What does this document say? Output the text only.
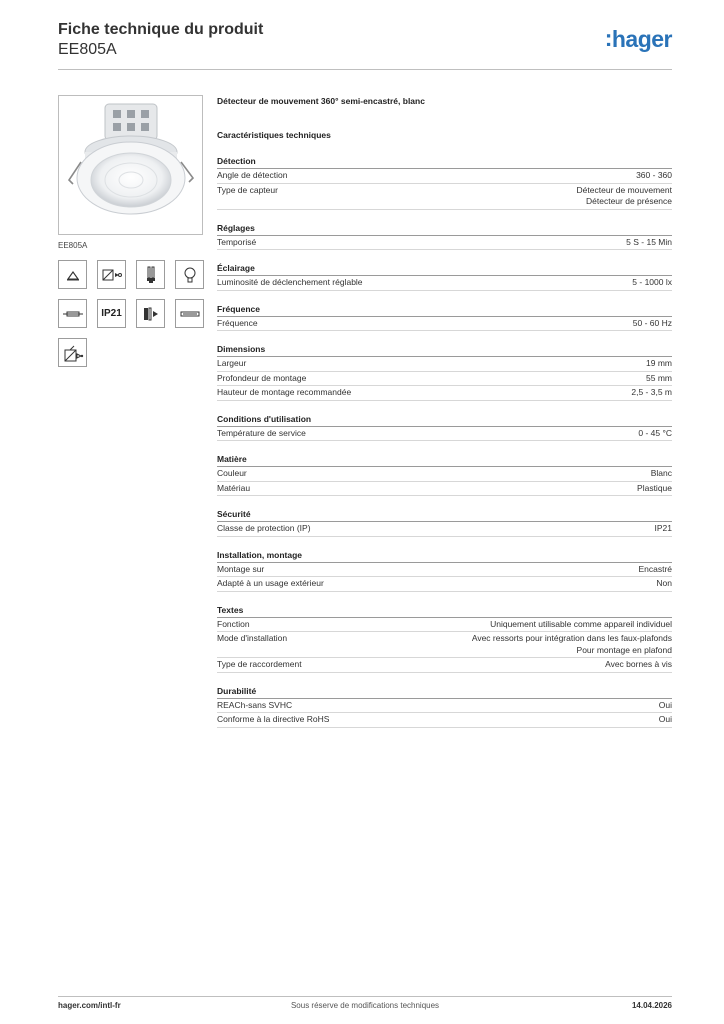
Fiche technique du produit
EE805A	:hager
EE805A
IP21
Détecteur de mouvement 360° semi-encastré, blanc
Caractéristiques techniques
Détection
Angle de détection	360 - 360
Type de capteur	Détecteur de mouvement
Détecteur de présence
Réglages
Temporisé	5 S - 15 Min
Éclairage
Luminosité de déclenchement réglable	5 - 1000 lx
Fréquence
Fréquence	50 - 60 Hz
Dimensions
Largeur	19 mm
Profondeur de montage	55 mm
Hauteur de montage recommandée	2,5 - 3,5 m
Conditions d'utilisation
Température de service	0 - 45 °C
Matière
Couleur	Blanc
Matériau	Plastique
Sécurité
Classe de protection (IP)	IP21
Installation, montage
Montage sur	Encastré
Adapté à un usage extérieur	Non
Textes
Fonction	Uniquement utilisable comme appareil individuel
Mode d'installation	Avec ressorts pour intégration dans les faux-plafonds
Pour montage en plafond
Type de raccordement	Avec bornes à vis
Durabilité
REACh-sans SVHC	Oui
Conforme à la directive RoHS	Oui
hager.com/intl-fr	Sous réserve de modifications techniques	14.04.2026
